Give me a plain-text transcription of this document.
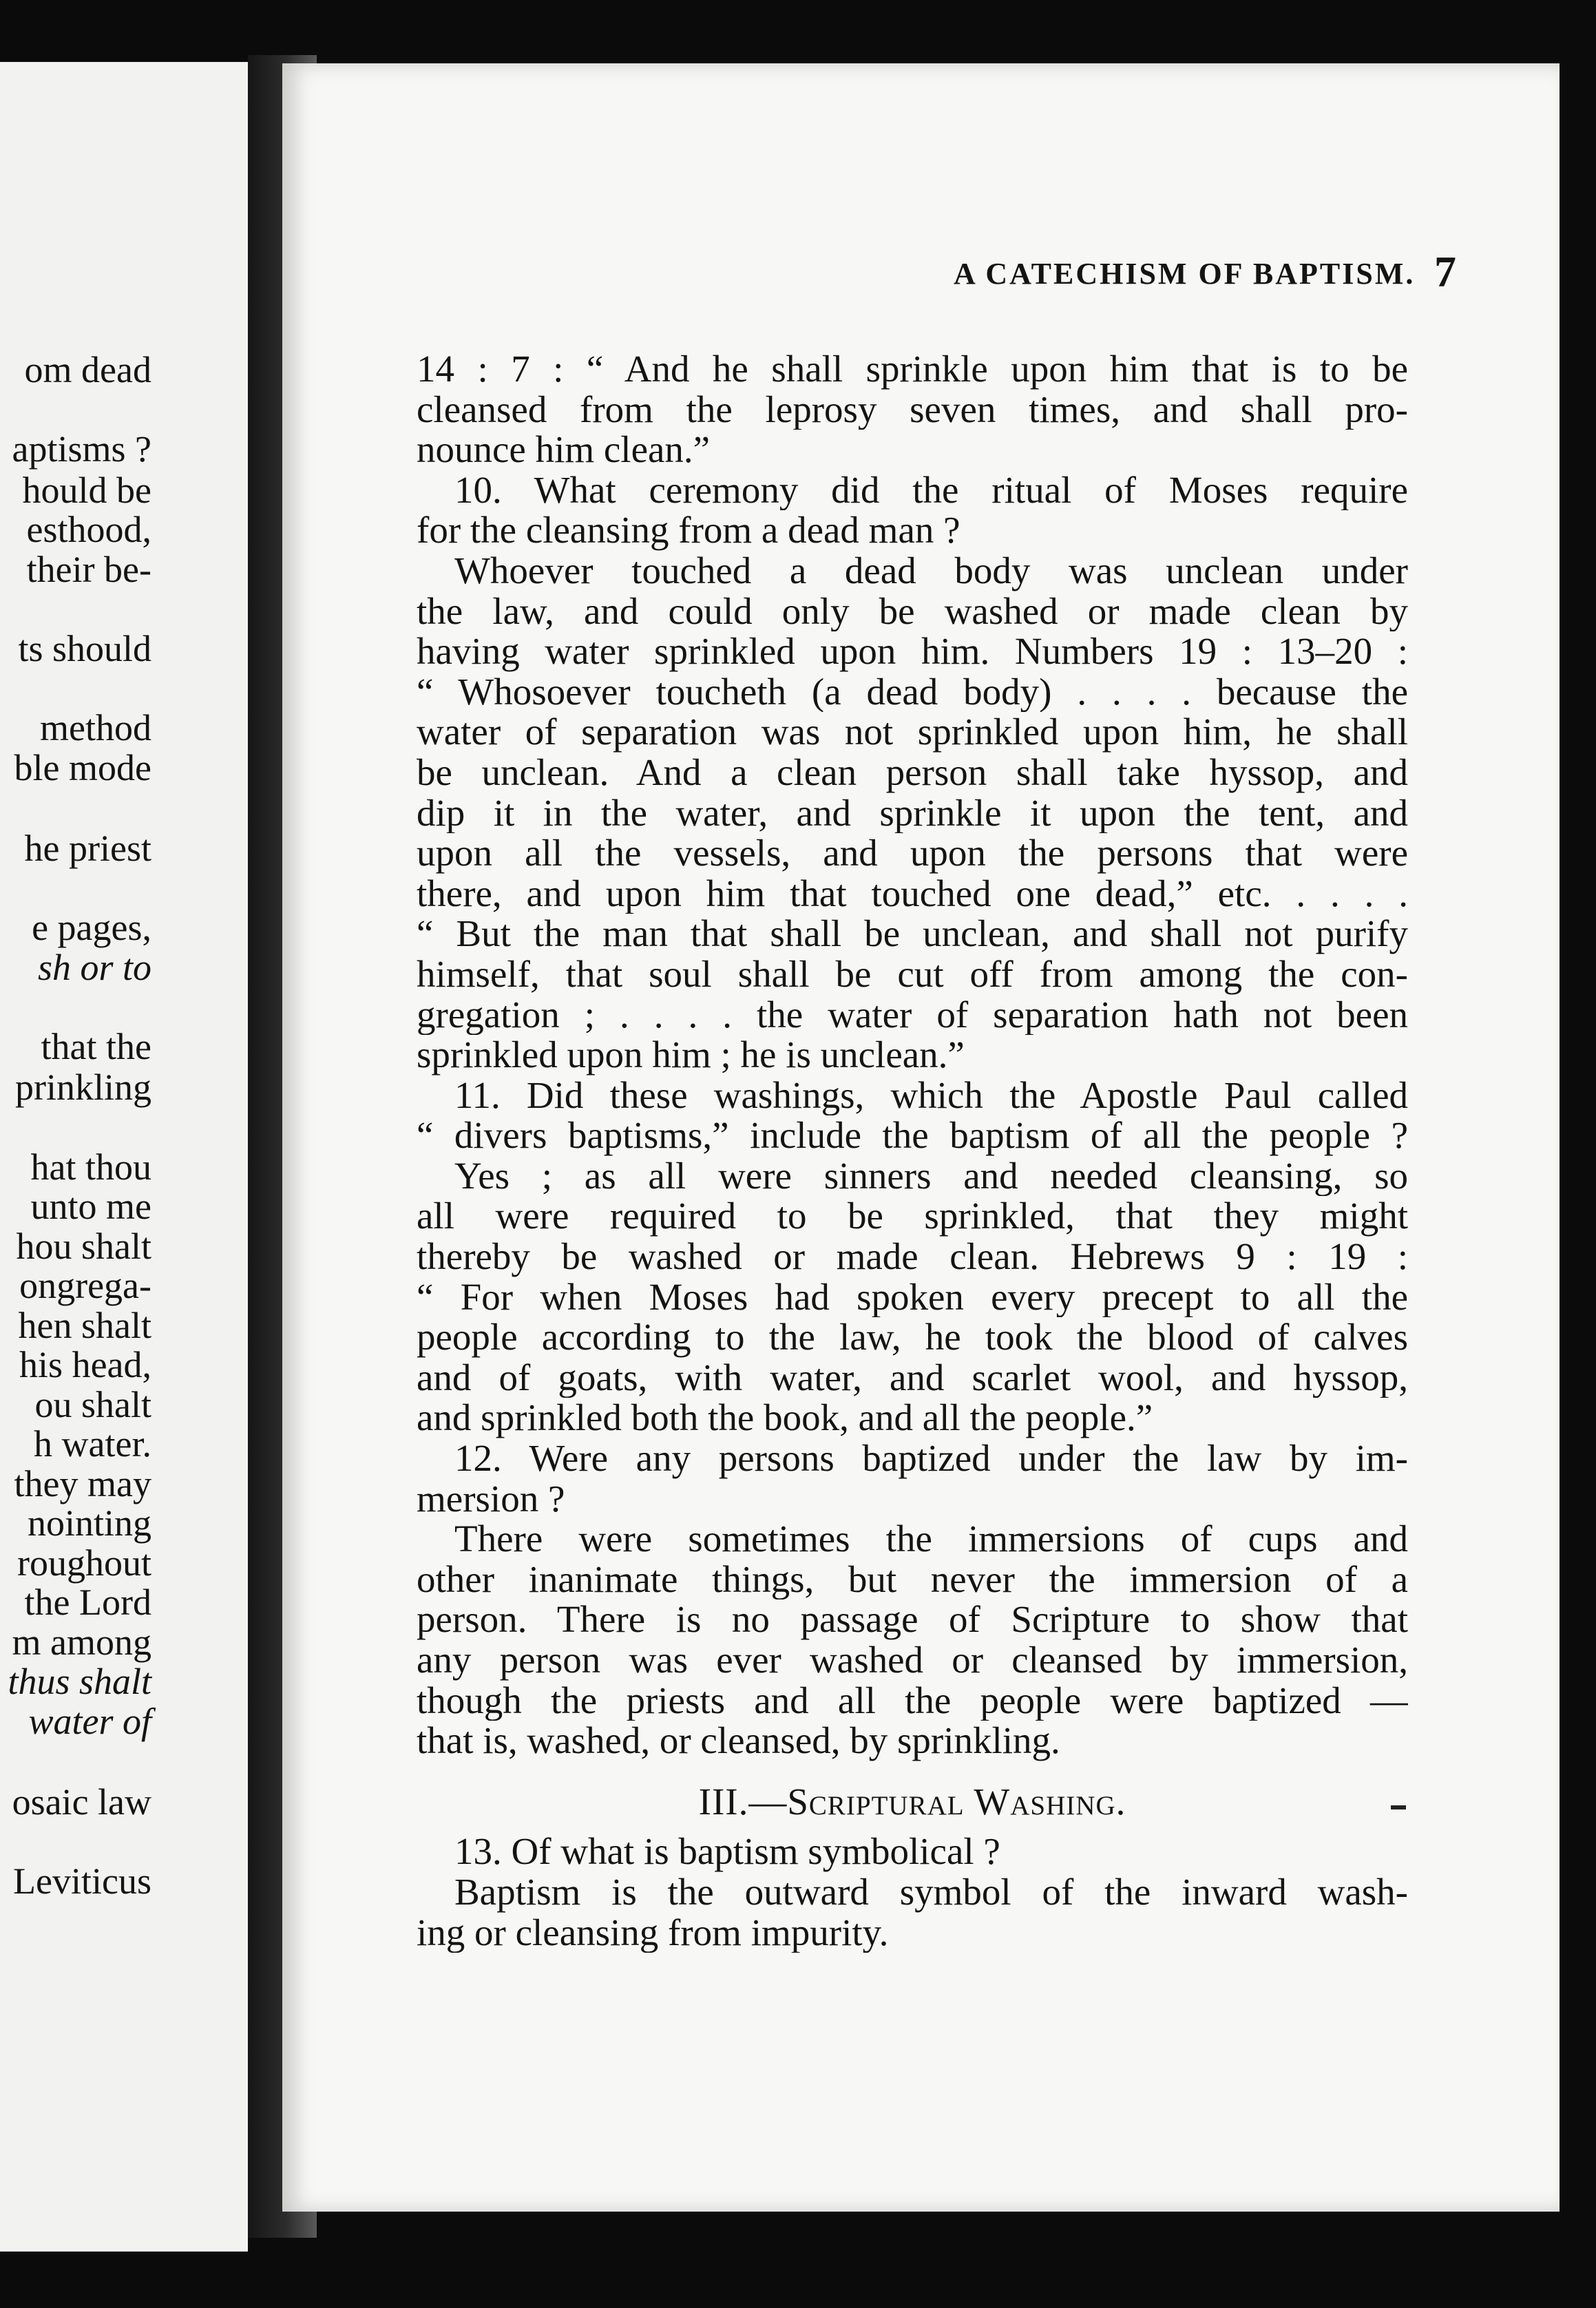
om dead
aptisms ?
hould be
esthood,
their be-
ts should
method
ble mode
he priest
e pages,
sh or to
that the
prinkling
hat thou
unto me
hou shalt
ongrega-
hen shalt
his head,
ou shalt
h water.
they may
nointing
roughout
the Lord
m among
thus shalt
water of
osaic law
Leviticus
A CATECHISM OF BAPTISM. 7
14 : 7 : “ And he shall sprinkle upon him that is to be
cleansed from the leprosy seven times, and shall pro-
nounce him clean.”
10. What ceremony did the ritual of Moses require
for the cleansing from a dead man ?
Whoever touched a dead body was unclean under
the law, and could only be washed or made clean by
having water sprinkled upon him. Numbers 19 : 13–20 :
“ Whosoever toucheth (a dead body) . . . . because the
water of separation was not sprinkled upon him, he shall
be unclean. And a clean person shall take hyssop, and
dip it in the water, and sprinkle it upon the tent, and
upon all the vessels, and upon the persons that were
there, and upon him that touched one dead,” etc. . . . .
“ But the man that shall be unclean, and shall not purify
himself, that soul shall be cut off from among the con-
gregation ; . . . . the water of separation hath not been
sprinkled upon him ; he is unclean.”
11. Did these washings, which the Apostle Paul called
“ divers baptisms,” include the baptism of all the people ?
Yes ; as all were sinners and needed cleansing, so
all were required to be sprinkled, that they might
thereby be washed or made clean. Hebrews 9 : 19 :
“ For when Moses had spoken every precept to all the
people according to the law, he took the blood of calves
and of goats, with water, and scarlet wool, and hyssop,
and sprinkled both the book, and all the people.”
12. Were any persons baptized under the law by im-
mersion ?
There were sometimes the immersions of cups and
other inanimate things, but never the immersion of a
person. There is no passage of Scripture to show that
any person was ever washed or cleansed by immersion,
though the priests and all the people were baptized —
that is, washed, or cleansed, by sprinkling.
III.—Scriptural Washing.
13. Of what is baptism symbolical ?
Baptism is the outward symbol of the inward wash-
ing or cleansing from impurity.
